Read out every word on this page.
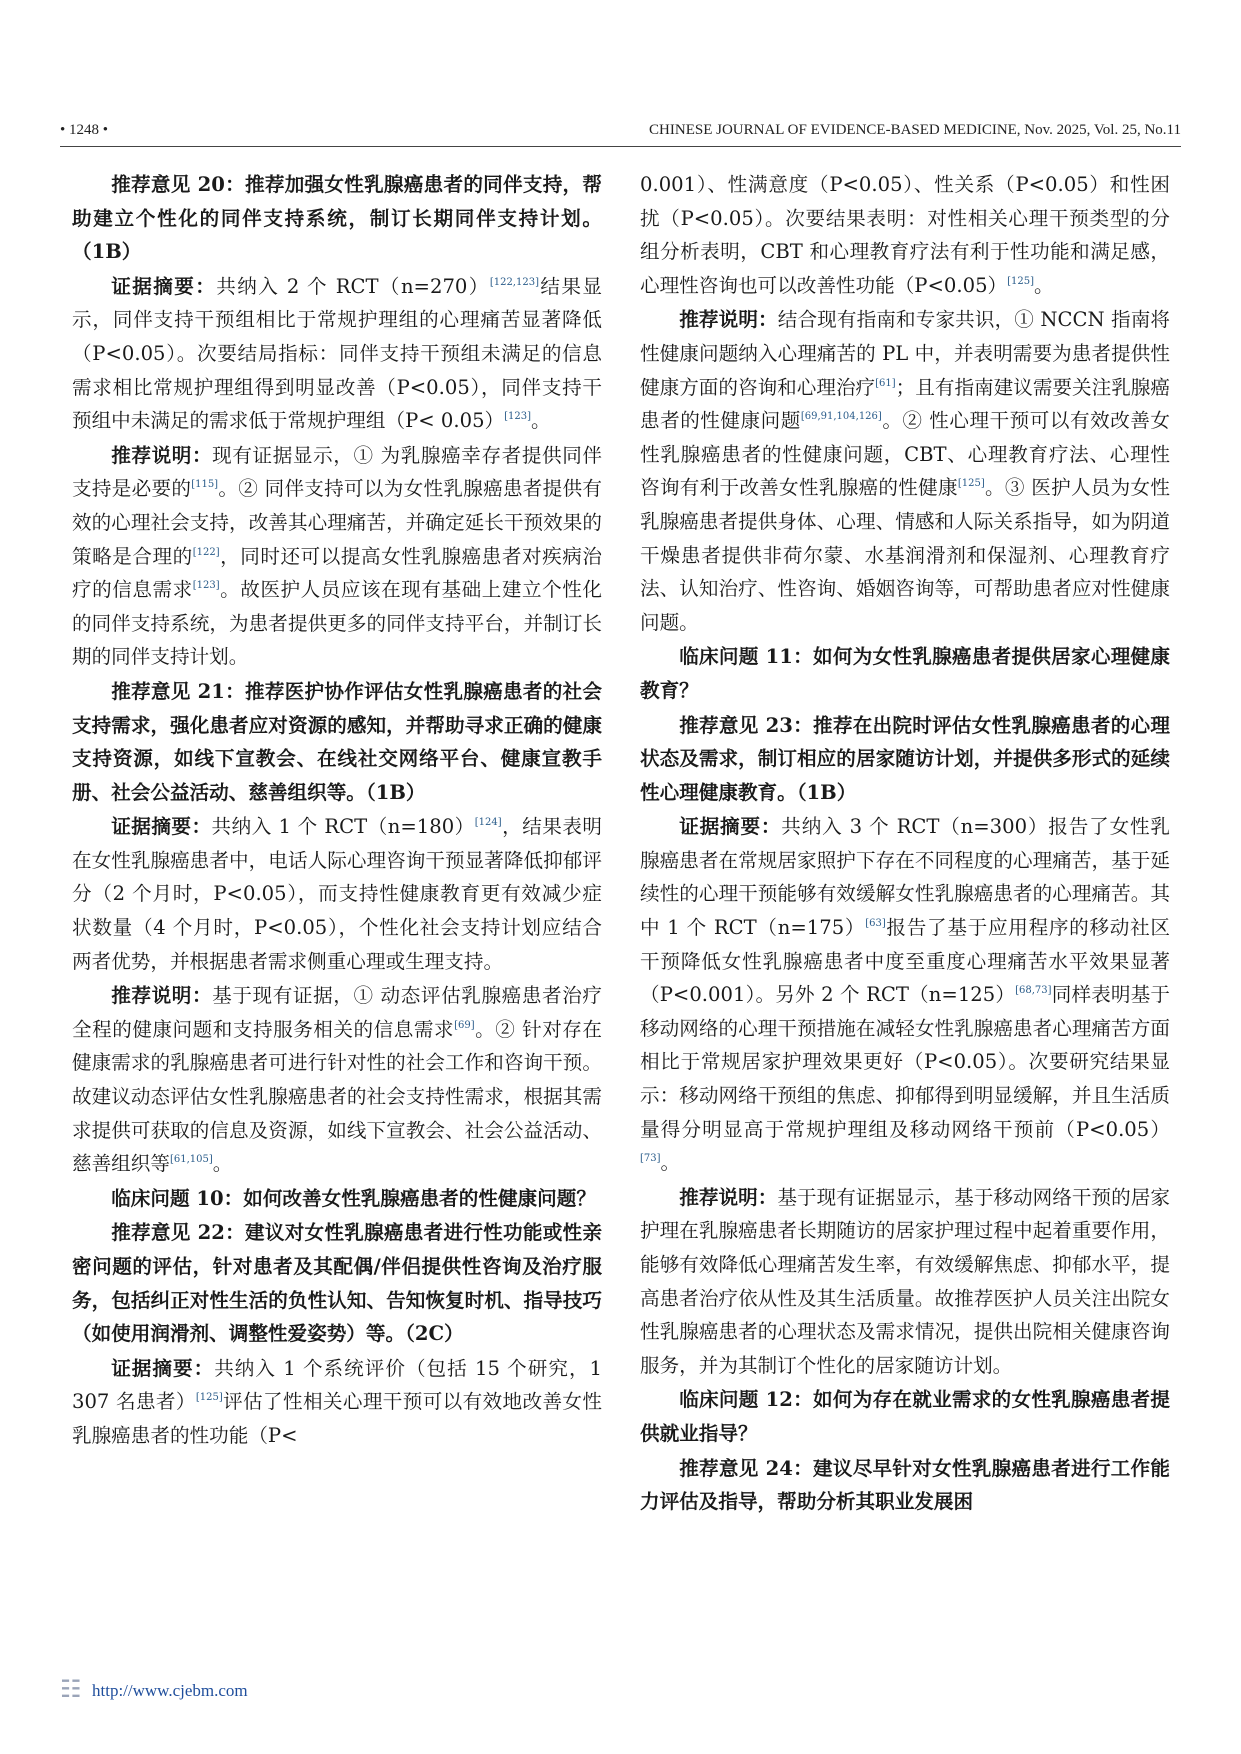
• 1248 •	CHINESE JOURNAL OF EVIDENCE-BASED MEDICINE, Nov. 2025, Vol. 25, No.11

推荐意见 20：推荐加强女性乳腺癌患者的同伴支持，帮助建立个性化的同伴支持系统，制订长期同伴支持计划。（1B）

证据摘要：共纳入 2 个 RCT（n=270）[122,123]结果显示，同伴支持干预组相比于常规护理组的心理痛苦显著降低（P<0.05）。次要结局指标：同伴支持干预组未满足的信息需求相比常规护理组得到明显改善（P<0.05），同伴支持干预组中未满足的需求低于常规护理组（P< 0.05）[123]。

推荐说明：现有证据显示，① 为乳腺癌幸存者提供同伴支持是必要的[115]。② 同伴支持可以为女性乳腺癌患者提供有效的心理社会支持，改善其心理痛苦，并确定延长干预效果的策略是合理的[122]，同时还可以提高女性乳腺癌患者对疾病治疗的信息需求[123]。故医护人员应该在现有基础上建立个性化的同伴支持系统，为患者提供更多的同伴支持平台，并制订长期的同伴支持计划。

推荐意见 21：推荐医护协作评估女性乳腺癌患者的社会支持需求，强化患者应对资源的感知，并帮助寻求正确的健康支持资源，如线下宣教会、在线社交网络平台、健康宣教手册、社会公益活动、慈善组织等。（1B）

证据摘要：共纳入 1 个 RCT（n=180）[124]，结果表明在女性乳腺癌患者中，电话人际心理咨询干预显著降低抑郁评分（2 个月时，P<0.05），而支持性健康教育更有效减少症状数量（4 个月时，P<0.05），个性化社会支持计划应结合两者优势，并根据患者需求侧重心理或生理支持。

推荐说明：基于现有证据，① 动态评估乳腺癌患者治疗全程的健康问题和支持服务相关的信息需求[69]。② 针对存在健康需求的乳腺癌患者可进行针对性的社会工作和咨询干预。故建议动态评估女性乳腺癌患者的社会支持性需求，根据其需求提供可获取的信息及资源，如线下宣教会、社会公益活动、慈善组织等[61,105]。

临床问题 10：如何改善女性乳腺癌患者的性健康问题？

推荐意见 22：建议对女性乳腺癌患者进行性功能或性亲密问题的评估，针对患者及其配偶/伴侣提供性咨询及治疗服务，包括纠正对性生活的负性认知、告知恢复时机、指导技巧（如使用润滑剂、调整性爱姿势）等。（2C）

证据摘要：共纳入 1 个系统评价（包括 15 个研究，1 307 名患者）[125]评估了性相关心理干预可以有效地改善女性乳腺癌患者的性功能（P<

0.001）、性满意度（P<0.05）、性关系（P<0.05）和性困扰（P<0.05）。次要结果表明：对性相关心理干预类型的分组分析表明，CBT 和心理教育疗法有利于性功能和满足感，心理性咨询也可以改善性功能（P<0.05）[125]。

推荐说明：结合现有指南和专家共识，① NCCN 指南将性健康问题纳入心理痛苦的 PL 中，并表明需要为患者提供性健康方面的咨询和心理治疗[61]；且有指南建议需要关注乳腺癌患者的性健康问题[69,91,104,126]。② 性心理干预可以有效改善女性乳腺癌患者的性健康问题，CBT、心理教育疗法、心理性咨询有利于改善女性乳腺癌的性健康[125]。③ 医护人员为女性乳腺癌患者提供身体、心理、情感和人际关系指导，如为阴道干燥患者提供非荷尔蒙、水基润滑剂和保湿剂、心理教育疗法、认知治疗、性咨询、婚姻咨询等，可帮助患者应对性健康问题。

临床问题 11：如何为女性乳腺癌患者提供居家心理健康教育？

推荐意见 23：推荐在出院时评估女性乳腺癌患者的心理状态及需求，制订相应的居家随访计划，并提供多形式的延续性心理健康教育。（1B）

证据摘要：共纳入 3 个 RCT（n=300）报告了女性乳腺癌患者在常规居家照护下存在不同程度的心理痛苦，基于延续性的心理干预能够有效缓解女性乳腺癌患者的心理痛苦。其中 1 个 RCT（n=175）[63]报告了基于应用程序的移动社区干预降低女性乳腺癌患者中度至重度心理痛苦水平效果显著（P<0.001）。另外 2 个 RCT（n=125）[68,73]同样表明基于移动网络的心理干预措施在减轻女性乳腺癌患者心理痛苦方面相比于常规居家护理效果更好（P<0.05）。次要研究结果显示：移动网络干预组的焦虑、抑郁得到明显缓解，并且生活质量得分明显高于常规护理组及移动网络干预前（P<0.05）[73]。

推荐说明：基于现有证据显示，基于移动网络干预的居家护理在乳腺癌患者长期随访的居家护理过程中起着重要作用，能够有效降低心理痛苦发生率，有效缓解焦虑、抑郁水平，提高患者治疗依从性及其生活质量。故推荐医护人员关注出院女性乳腺癌患者的心理状态及需求情况，提供出院相关健康咨询服务，并为其制订个性化的居家随访计划。

临床问题 12：如何为存在就业需求的女性乳腺癌患者提供就业指导？

推荐意见 24：建议尽早针对女性乳腺癌患者进行工作能力评估及指导，帮助分析其职业发展困

☷ http://www.cjebm.com
